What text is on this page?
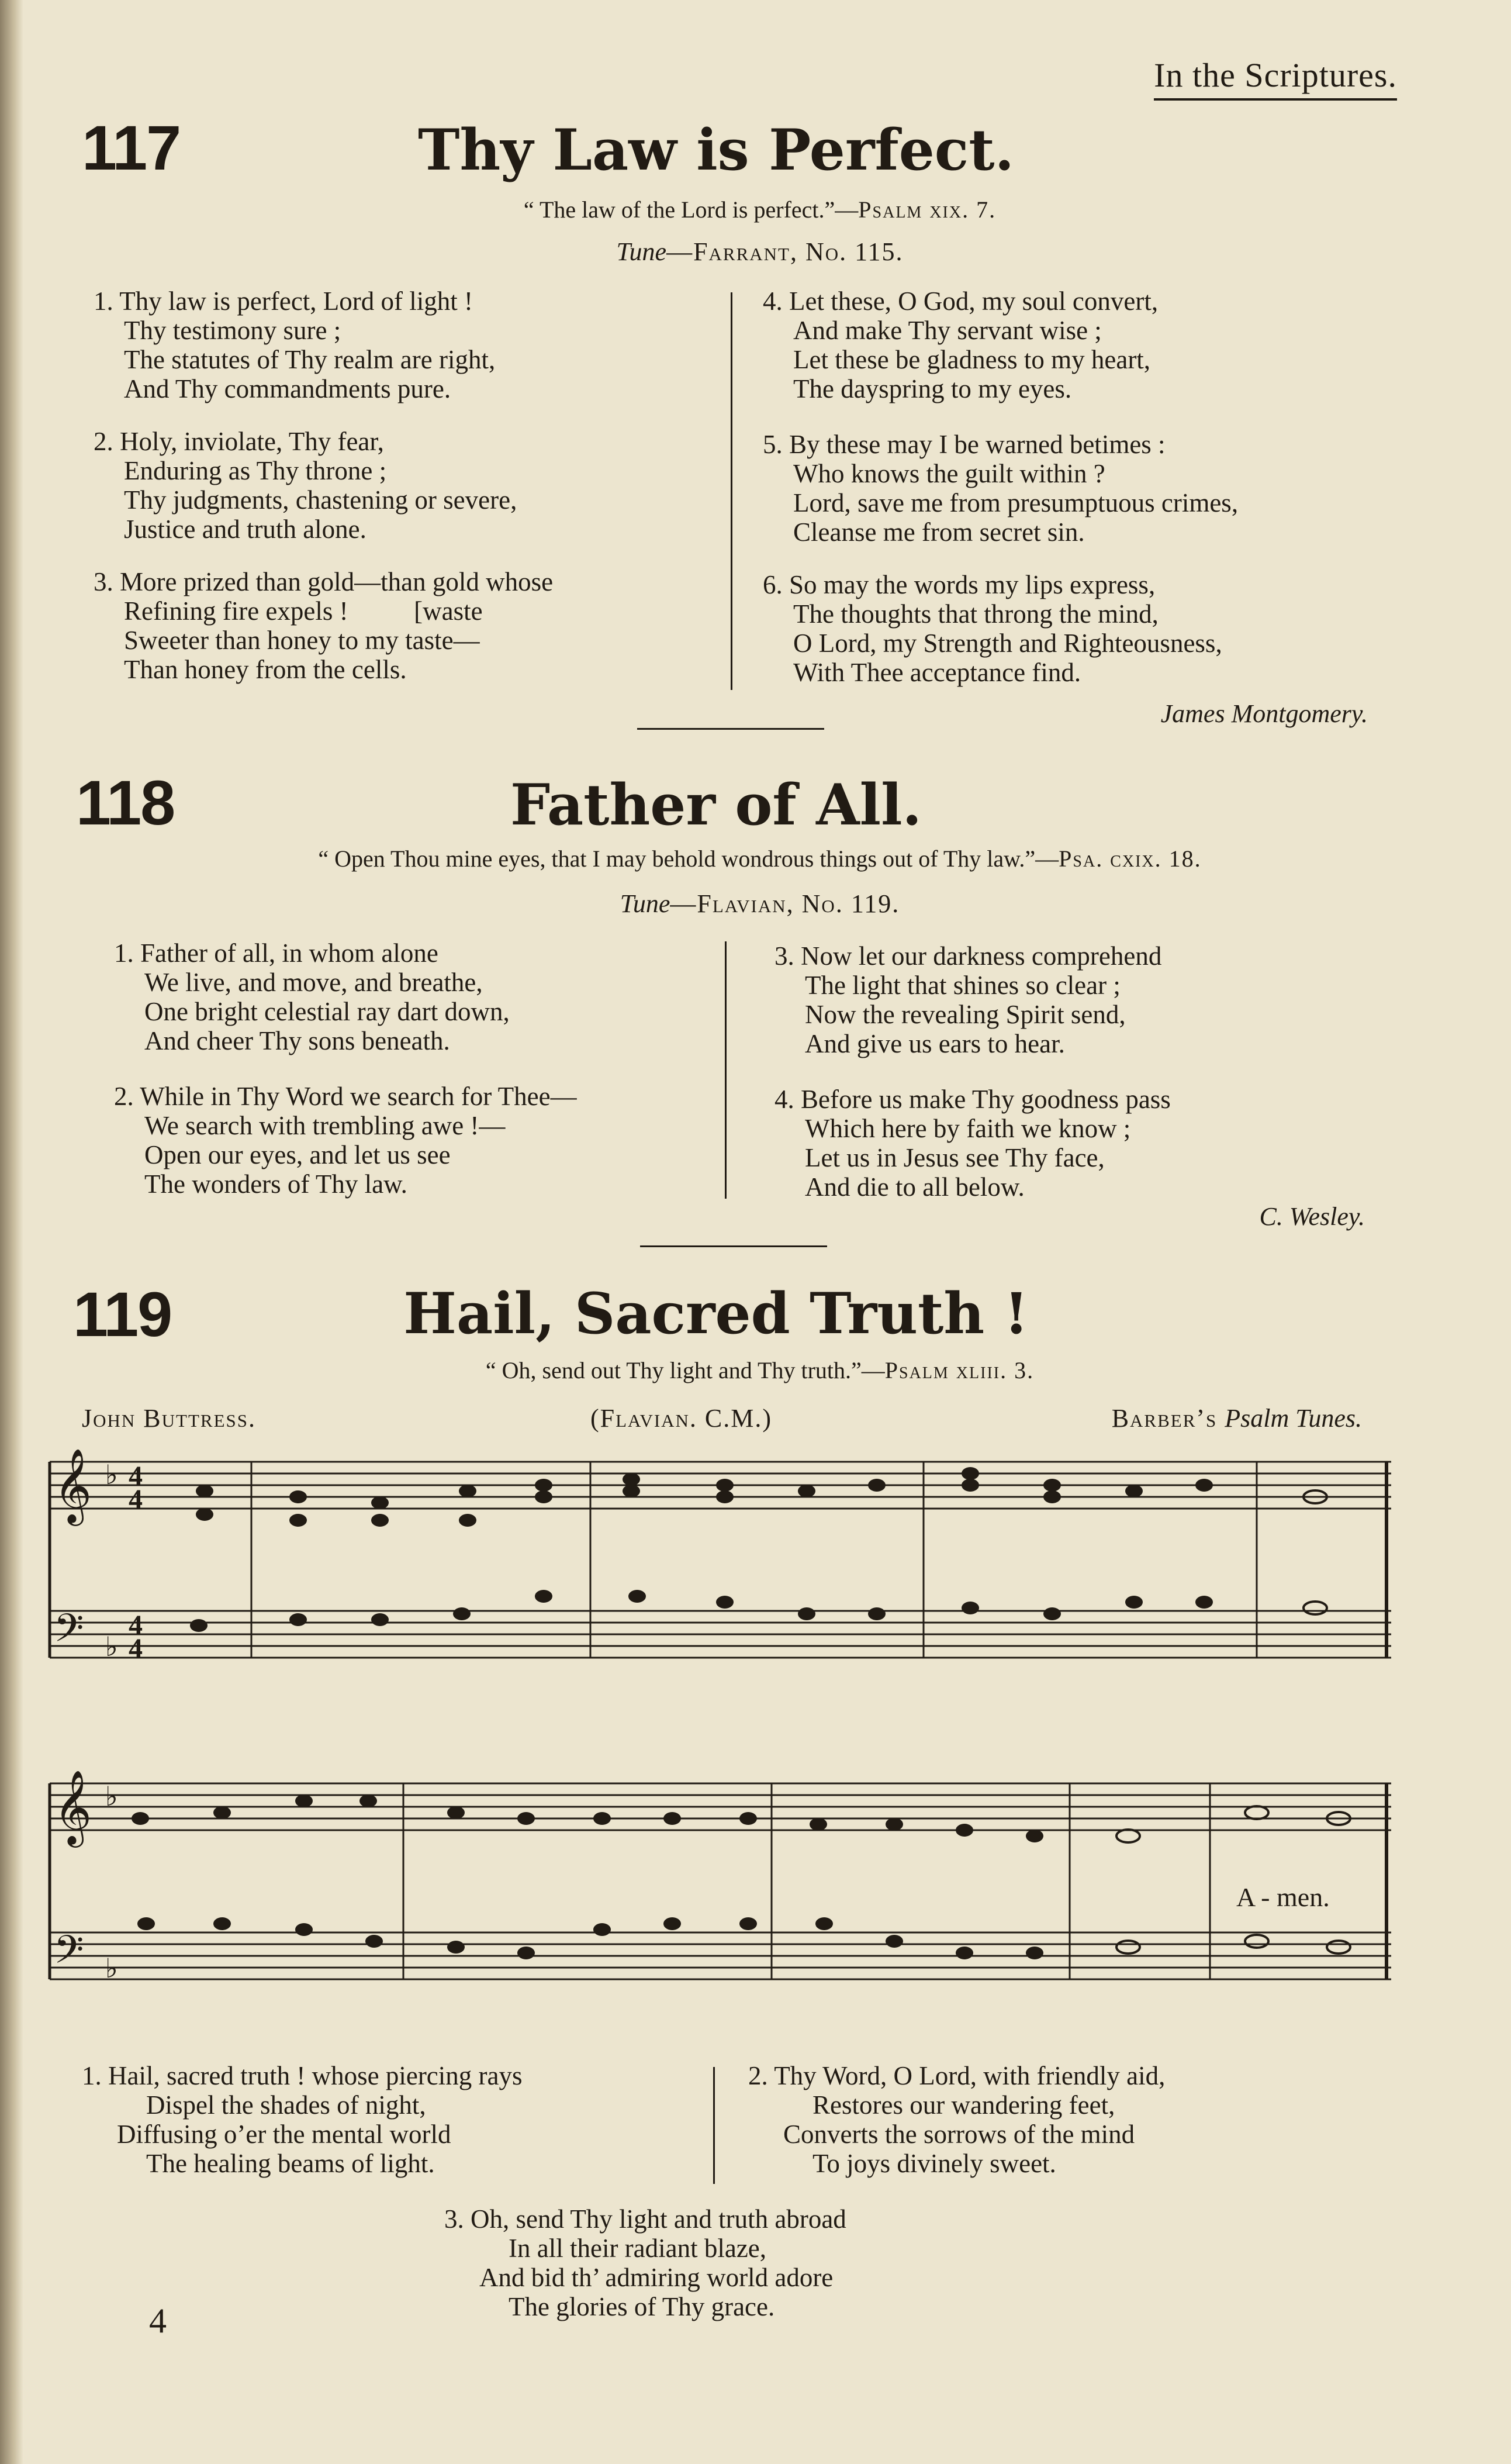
In the Scriptures.
117	Thy Law is Perfect.
“ The law of the Lord is perfect.”—Psalm xix. 7.
Tune—Farrant, No. 115.
1. Thy law is perfect, Lord of light !
Thy testimony sure ;
The statutes of Thy realm are right,
And Thy commandments pure.
2. Holy, inviolate, Thy fear,
Enduring as Thy throne ;
Thy judgments, chastening or severe,
Justice and truth alone.
3. More prized than gold—than gold whose
Refining fire expels !          [waste
Sweeter than honey to my taste—
Than honey from the cells.
4. Let these, O God, my soul convert,
And make Thy servant wise ;
Let these be gladness to my heart,
The dayspring to my eyes.
5. By these may I be warned betimes :
Who knows the guilt within ?
Lord, save me from presumptuous crimes,
Cleanse me from secret sin.
6. So may the words my lips express,
The thoughts that throng the mind,
O Lord, my Strength and Righteousness,
With Thee acceptance find.
James Montgomery.
118	Father of All.
“ Open Thou mine eyes, that I may behold wondrous things out of Thy law.”—Psa. cxix. 18.
Tune—Flavian, No. 119.
1. Father of all, in whom alone
We live, and move, and breathe,
One bright celestial ray dart down,
And cheer Thy sons beneath.
2. While in Thy Word we search for Thee—
We search with trembling awe !—
Open our eyes, and let us see
The wonders of Thy law.
3. Now let our darkness comprehend
The light that shines so clear ;
Now the revealing Spirit send,
And give us ears to hear.
4. Before us make Thy goodness pass
Which here by faith we know ;
Let us in Jesus see Thy face,
And die to all below.
C. Wesley.
119	Hail, Sacred Truth !
“ Oh, send out Thy light and Thy truth.”—Psalm xliii. 3.
John Buttress.	(Flavian. C.M.)	Barber’s Psalm Tunes.
𝄞
𝄢
𝄞
𝄢
♭
♭
♭
♭
4
4
4
4
A - men.
1. Hail, sacred truth ! whose piercing rays
Dispel the shades of night,
Diffusing o’er the mental world
The healing beams of light.
2. Thy Word, O Lord, with friendly aid,
Restores our wandering feet,
Converts the sorrows of the mind
To joys divinely sweet.
3. Oh, send Thy light and truth abroad
In all their radiant blaze,
And bid th’ admiring world adore
The glories of Thy grace.
4
